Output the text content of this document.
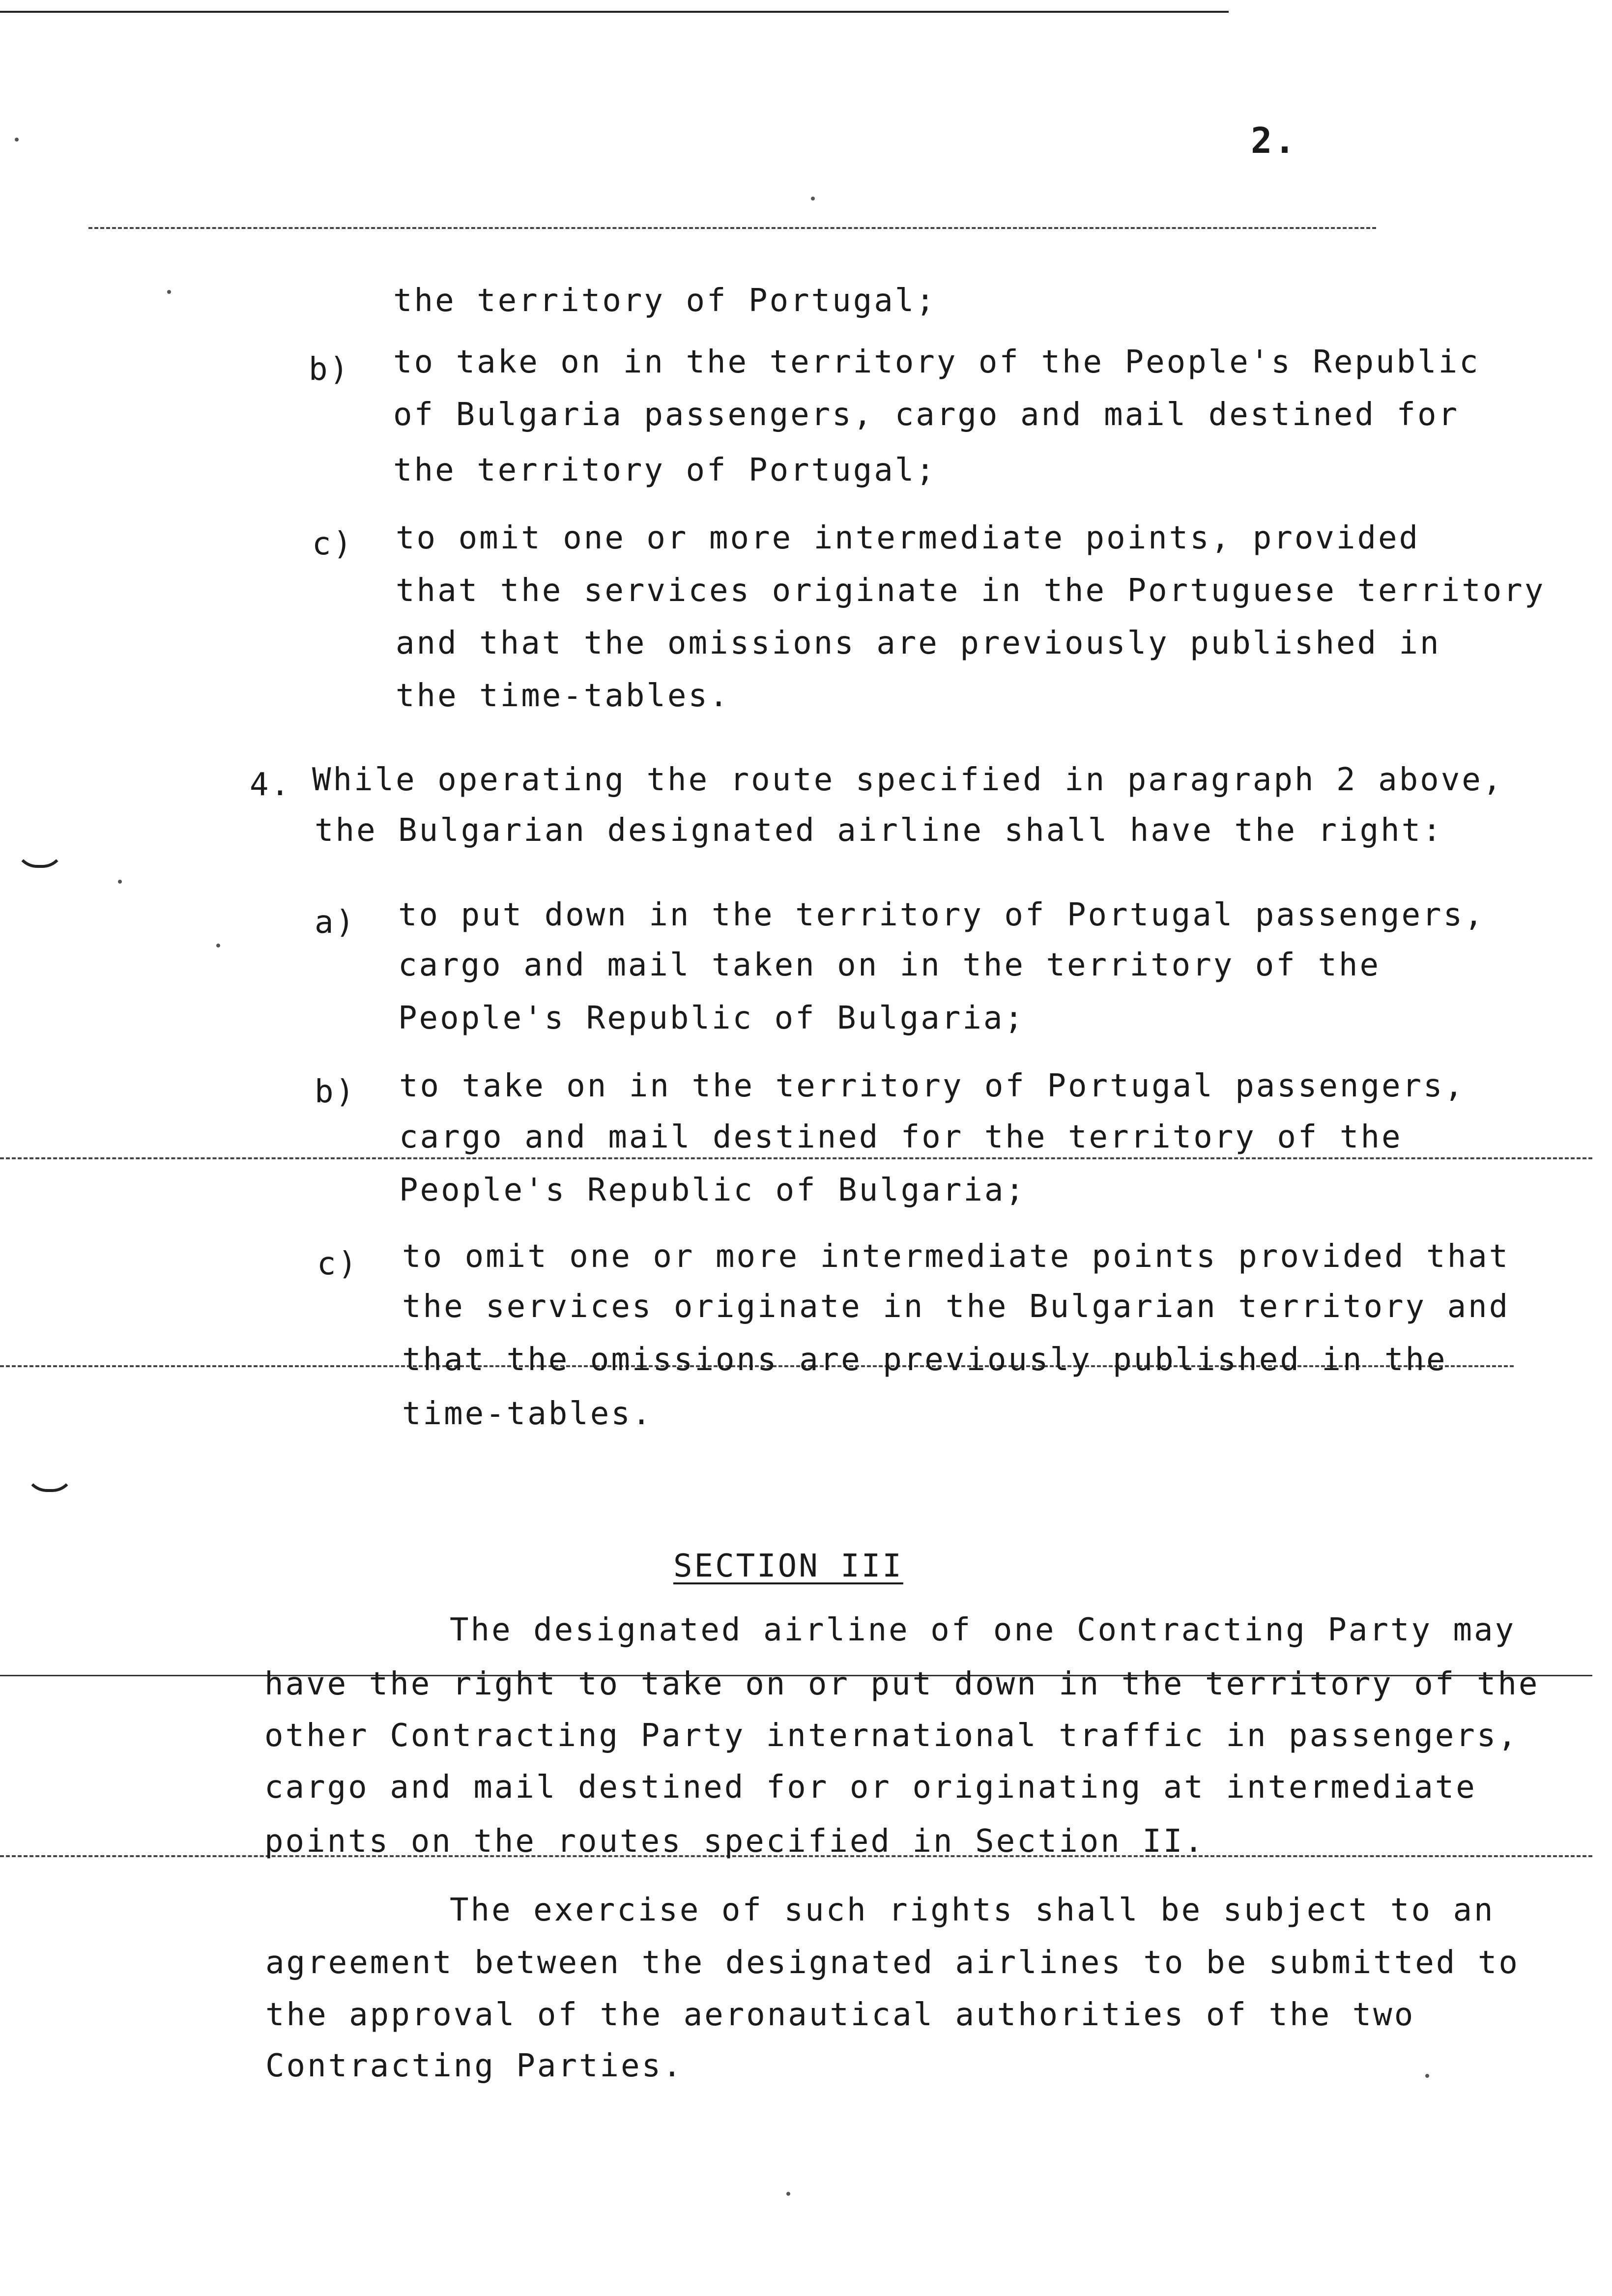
2.
the territory of Portugal;
b) to take on in the territory of the People's Republic
of Bulgaria passengers, cargo and mail destined for
the territory of Portugal;
c) to omit one or more intermediate points, provided
that the services originate in the Portuguese territory
and that the omissions are previously published in
the time-tables.
4. While operating the route specified in paragraph 2 above,
the Bulgarian designated airline shall have the right:
a) to put down in the territory of Portugal passengers,
cargo and mail taken on in the territory of the
People's Republic of Bulgaria;
b) to take on in the territory of Portugal passengers,
cargo and mail destined for the territory of the
People's Republic of Bulgaria;
c) to omit one or more intermediate points provided that
the services originate in the Bulgarian territory and
that the omissions are previously published in the
time-tables.
SECTION III
The designated airline of one Contracting Party may
have the right to take on or put down in the territory of the
other Contracting Party international traffic in passengers,
cargo and mail destined for or originating at intermediate
points on the routes specified in Section II.
The exercise of such rights shall be subject to an
agreement between the designated airlines to be submitted to
the approval of the aeronautical authorities of the two
Contracting Parties.
